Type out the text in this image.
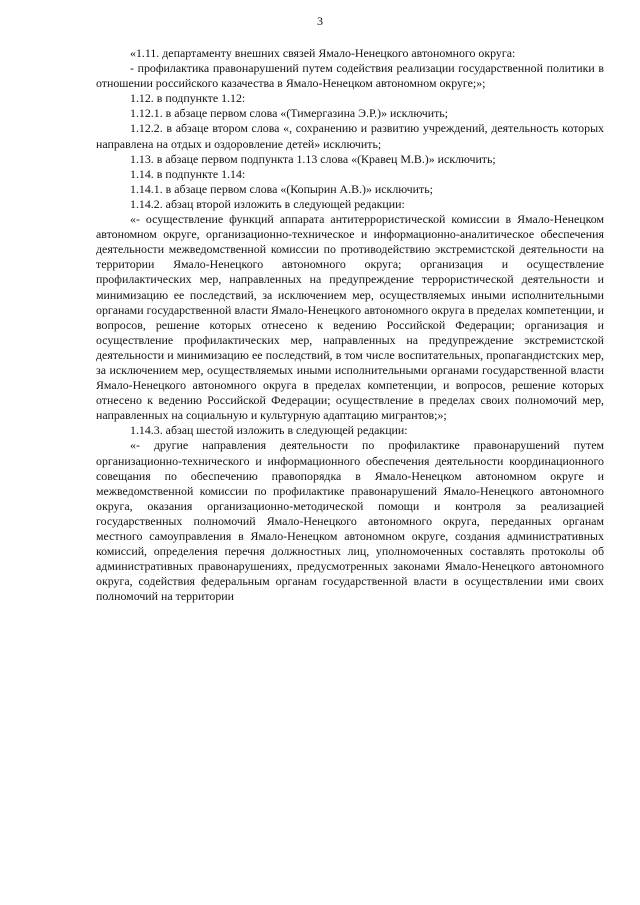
3

«1.11. департаменту внешних связей Ямало-Ненецкого автономного округа:

- профилактика правонарушений путем содействия реализации государственной политики в отношении российского казачества в Ямало-Ненецком автономном округе;»;

1.12. в подпункте 1.12:

1.12.1. в абзаце первом слова «(Тимергазина Э.Р.)» исключить;

1.12.2. в абзаце втором слова «, сохранению и развитию учреждений, деятельность которых направлена на отдых и оздоровление детей» исключить;

1.13. в абзаце первом подпункта 1.13 слова «(Кравец М.В.)» исключить;

1.14. в подпункте 1.14:

1.14.1. в абзаце первом слова «(Копырин А.В.)» исключить;

1.14.2. абзац второй изложить в следующей редакции:

«- осуществление функций аппарата антитеррористической комиссии в Ямало-Ненецком автономном округе, организационно-техническое и информационно-аналитическое обеспечения деятельности межведомственной комиссии по противодействию экстремистской деятельности на территории Ямало-Ненецкого автономного округа; организация и осуществление профилактических мер, направленных на предупреждение террористической деятельности и минимизацию ее последствий, за исключением мер, осуществляемых иными исполнительными органами государственной власти Ямало-Ненецкого автономного округа в пределах компетенции, и вопросов, решение которых отнесено к ведению Российской Федерации; организация и осуществление профилактических мер, направленных на предупреждение экстремистской деятельности и минимизацию ее последствий, в том числе воспитательных, пропагандистских мер, за исключением мер, осуществляемых иными исполнительными органами государственной власти Ямало-Ненецкого автономного округа в пределах компетенции, и вопросов, решение которых отнесено к ведению Российской Федерации; осуществление в пределах своих полномочий мер, направленных на социальную и культурную адаптацию мигрантов;»;

1.14.3. абзац шестой изложить в следующей редакции:

«- другие направления деятельности по профилактике правонарушений путем организационно-технического и информационного обеспечения деятельности координационного совещания по обеспечению правопорядка в Ямало-Ненецком автономном округе и межведомственной комиссии по профилактике правонарушений Ямало-Ненецкого автономного округа, оказания организационно-методической помощи и контроля за реализацией государственных полномочий Ямало-Ненецкого автономного округа, переданных органам местного самоуправления в Ямало-Ненецком автономном округе, создания административных комиссий, определения перечня должностных лиц, уполномоченных составлять протоколы об административных правонарушениях, предусмотренных законами Ямало-Ненецкого автономного округа, содействия федеральным органам государственной власти в осуществлении ими своих полномочий на территории
